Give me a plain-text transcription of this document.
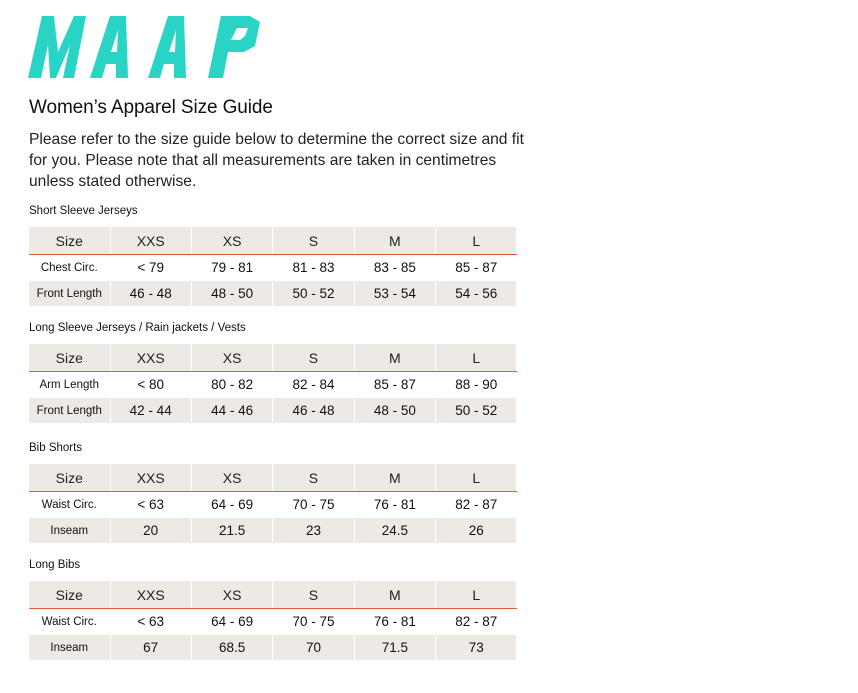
Women’s Apparel Size Guide
Please refer to the size guide below to determine the correct size and fit for you. Please note that all measurements are taken in centimetres unless stated otherwise.
Short Sleeve Jerseys
Size	XXS	XS	S	M	L
Chest Circ.	< 79	79 - 81	81 - 83	83 - 85	85 - 87
Front Length	46 - 48	48 - 50	50 - 52	53 - 54	54 - 56
Long Sleeve Jerseys / Rain jackets / Vests
Size	XXS	XS	S	M	L
Arm Length	< 80	80 - 82	82 - 84	85 - 87	88 - 90
Front Length	42 - 44	44 - 46	46 - 48	48 - 50	50 - 52
Bib Shorts
Size	XXS	XS	S	M	L
Waist Circ.	< 63	64 - 69	70 - 75	76 - 81	82 - 87
Inseam	20	21.5	23	24.5	26
Long Bibs
Size	XXS	XS	S	M	L
Waist Circ.	< 63	64 - 69	70 - 75	76 - 81	82 - 87
Inseam	67	68.5	70	71.5	73
